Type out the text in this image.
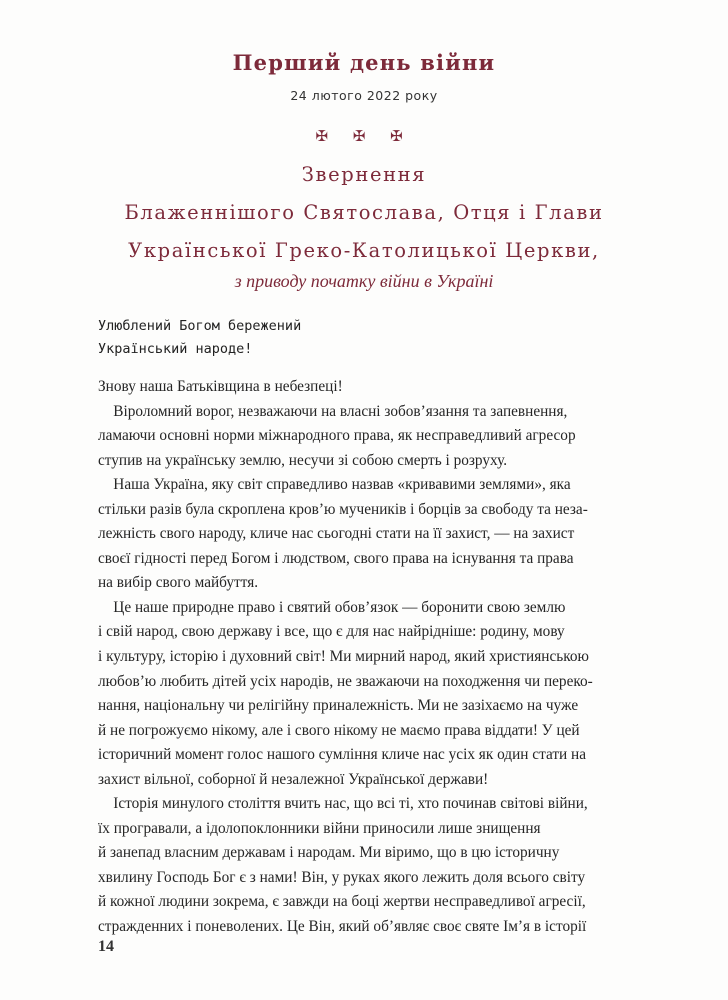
Перший день війни
24 лютого 2022 року
✠ ✠ ✠
Звернення
Блаженнішого Святослава, Отця і Глави
Української Греко-Католицької Церкви,
з приводу початку війни в Україні
Улюблений Богом бережений
Український народе!
Знову наша Батьківщина в небезпеці!
Віроломний ворог, незважаючи на власні зобов’язання та запевнення,
ламаючи основні норми міжнародного права, як несправедливий агресор
ступив на українську землю, несучи зі собою смерть і розруху.
Наша Україна, яку світ справедливо назвав «кривавими землями», яка
стільки разів була скроплена кров’ю мучеників і борців за свободу та неза-
лежність свого народу, кличе нас сьогодні стати на її захист, — на захист
своєї гідності перед Богом і людством, свого права на існування та права
на вибір свого майбуття.
Це наше природне право і святий обов’язок — боронити свою землю
і свій народ, свою державу і все, що є для нас найрідніше: родину, мову
і культуру, історію і духовний світ! Ми мирний народ, який християнською
любов’ю любить дітей усіх народів, не зважаючи на походження чи переко-
нання, національну чи релігійну приналежність. Ми не зазіхаємо на чуже
й не погрожуємо нікому, але і свого нікому не маємо права віддати! У цей
історичний момент голос нашого сумління кличе нас усіх як один стати на
захист вільної, соборної й незалежної Української держави!
Історія минулого століття вчить нас, що всі ті, хто починав світові війни,
їх програвали, а ідолопоклонники війни приносили лише знищення
й занепад власним державам і народам. Ми віримо, що в цю історичну
хвилину Господь Бог є з нами! Він, у руках якого лежить доля всього світу
14
й кожної людини зокрема, є завжди на боці жертви несправедливої агресії,
стражденних і поневолених. Це Він, який об’являє своє святе Ім’я в історії
